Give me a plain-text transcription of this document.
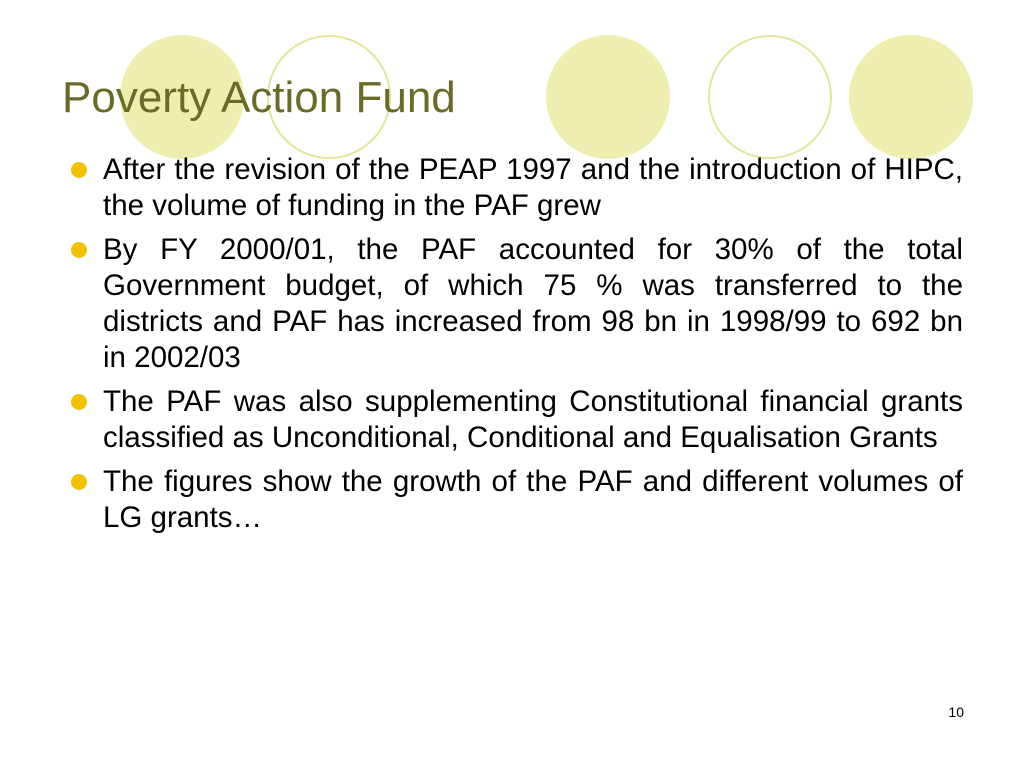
Poverty Action Fund
After the revision of the PEAP 1997 and the introduction of HIPC, the volume of funding in the PAF grew
By FY 2000/01, the PAF accounted for 30% of the total Government budget, of which 75 % was transferred to the districts and PAF has increased from 98 bn in 1998/99 to 692 bn in 2002/03
The PAF was also supplementing Constitutional financial grants classified as Unconditional, Conditional and Equalisation Grants
The figures show the growth of the PAF and different volumes of LG grants…
10
